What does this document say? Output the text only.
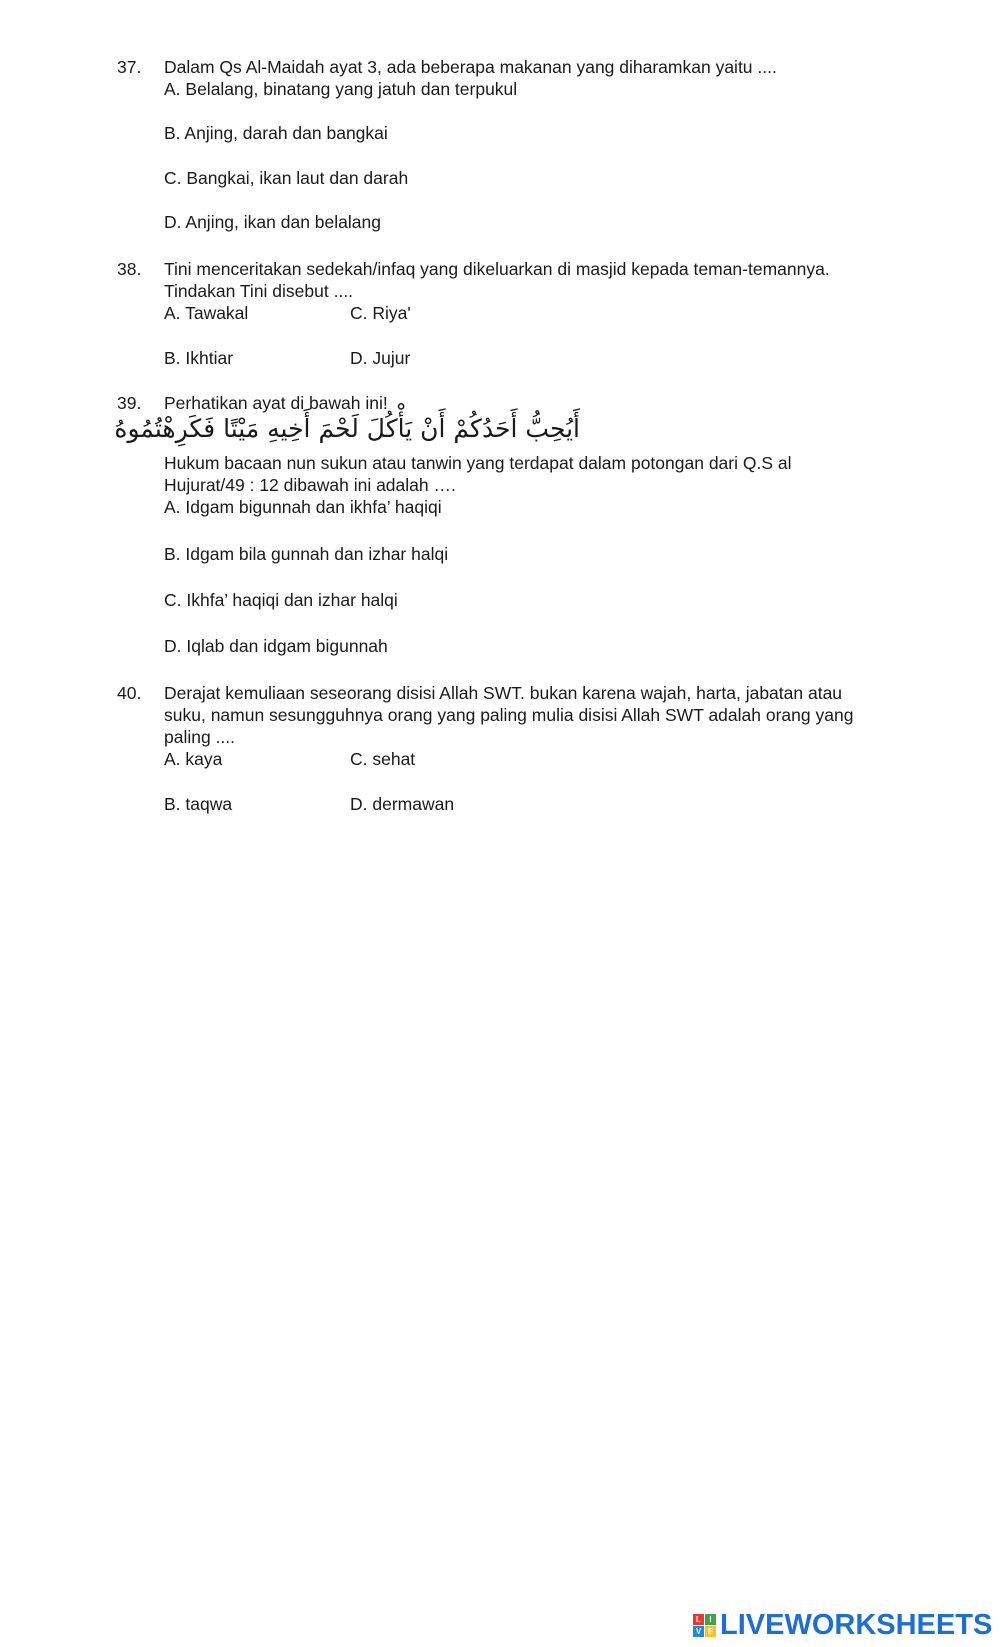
37. Dalam Qs Al-Maidah ayat 3, ada beberapa makanan yang diharamkan yaitu ....
A. Belalang, binatang yang jatuh dan terpukul
B. Anjing, darah dan bangkai
C. Bangkai, ikan laut dan darah
D. Anjing, ikan dan belalang
38. Tini menceritakan sedekah/infaq yang dikeluarkan di masjid kepada teman-temannya.
Tindakan Tini disebut ....
A. Tawakal	C. Riya'
B. Ikhtiar	D. Jujur
39. Perhatikan ayat di bawah ini!
أَيُحِبُّ أَحَدُكُمْ أَنْ يَأْكُلَ لَحْمَ أَخِيهِ مَيْتًا فَكَرِهْتُمُوهُ
Hukum bacaan nun sukun atau tanwin yang terdapat dalam potongan dari Q.S al
Hujurat/49 : 12 dibawah ini adalah ….
A. Idgam bigunnah dan ikhfa’ haqiqi
B. Idgam bila gunnah dan izhar halqi
C. Ikhfa’ haqiqi dan izhar halqi
D. Iqlab dan idgam bigunnah
40. Derajat kemuliaan seseorang disisi Allah SWT. bukan karena wajah, harta, jabatan atau
suku, namun sesungguhnya orang yang paling mulia disisi Allah SWT adalah orang yang
paling ....
A. kaya	C. sehat
B. taqwa	D. dermawan
L	I
V E LIVEWORKSHEETS
